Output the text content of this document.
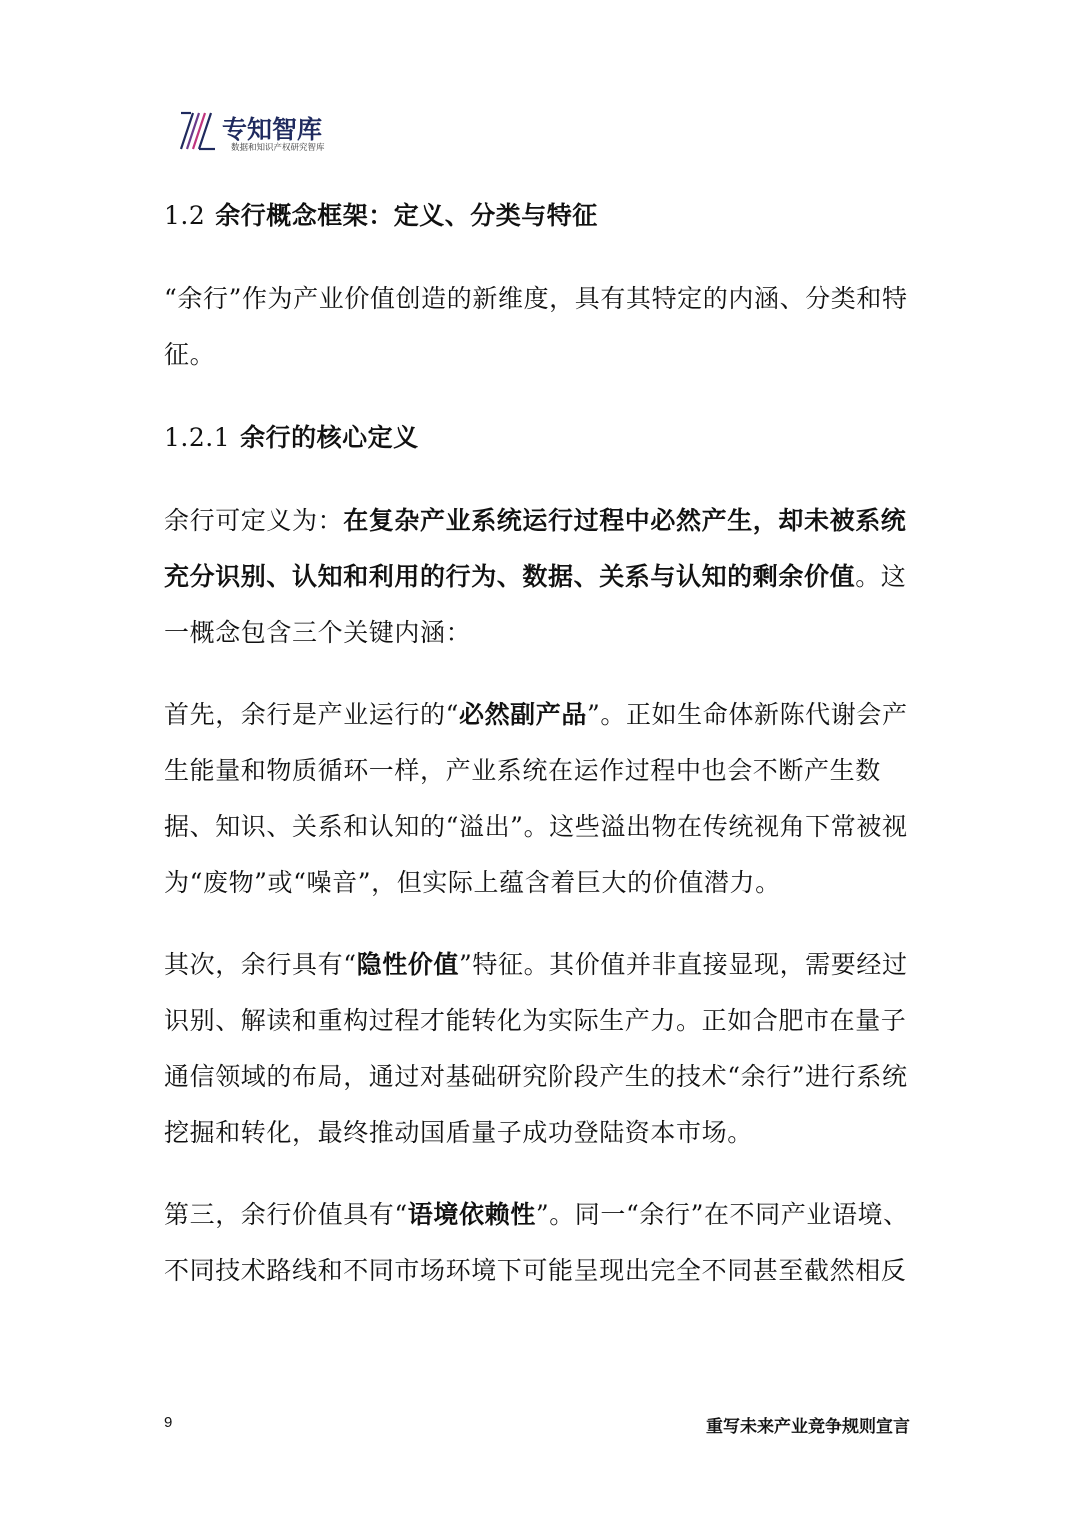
专知智库
数据和知识产权研究智库
1.2 余行概念框架：定义、分类与特征

“余行”作为产业价值创造的新维度，具有其特定的内涵、分类和特征。

1.2.1 余行的核心定义

余行可定义为：在复杂产业系统运行过程中必然产生，却未被系统充分识别、认知和利用的行为、数据、关系与认知的剩余价值。这一概念包含三个关键内涵：

首先，余行是产业运行的“必然副产品”。正如生命体新陈代谢会产生能量和物质循环一样，产业系统在运作过程中也会不断产生数据、知识、关系和认知的“溢出”。这些溢出物在传统视角下常被视为“废物”或“噪音”，但实际上蕴含着巨大的价值潜力。

其次，余行具有“隐性价值”特征。其价值并非直接显现，需要经过识别、解读和重构过程才能转化为实际生产力。正如合肥市在量子通信领域的布局，通过对基础研究阶段产生的技术“余行”进行系统挖掘和转化，最终推动国盾量子成功登陆资本市场。

第三，余行价值具有“语境依赖性”。同一“余行”在不同产业语境、不同技术路线和不同市场环境下可能呈现出完全不同甚至截然相反

9	重写未来产业竞争规则宣言
